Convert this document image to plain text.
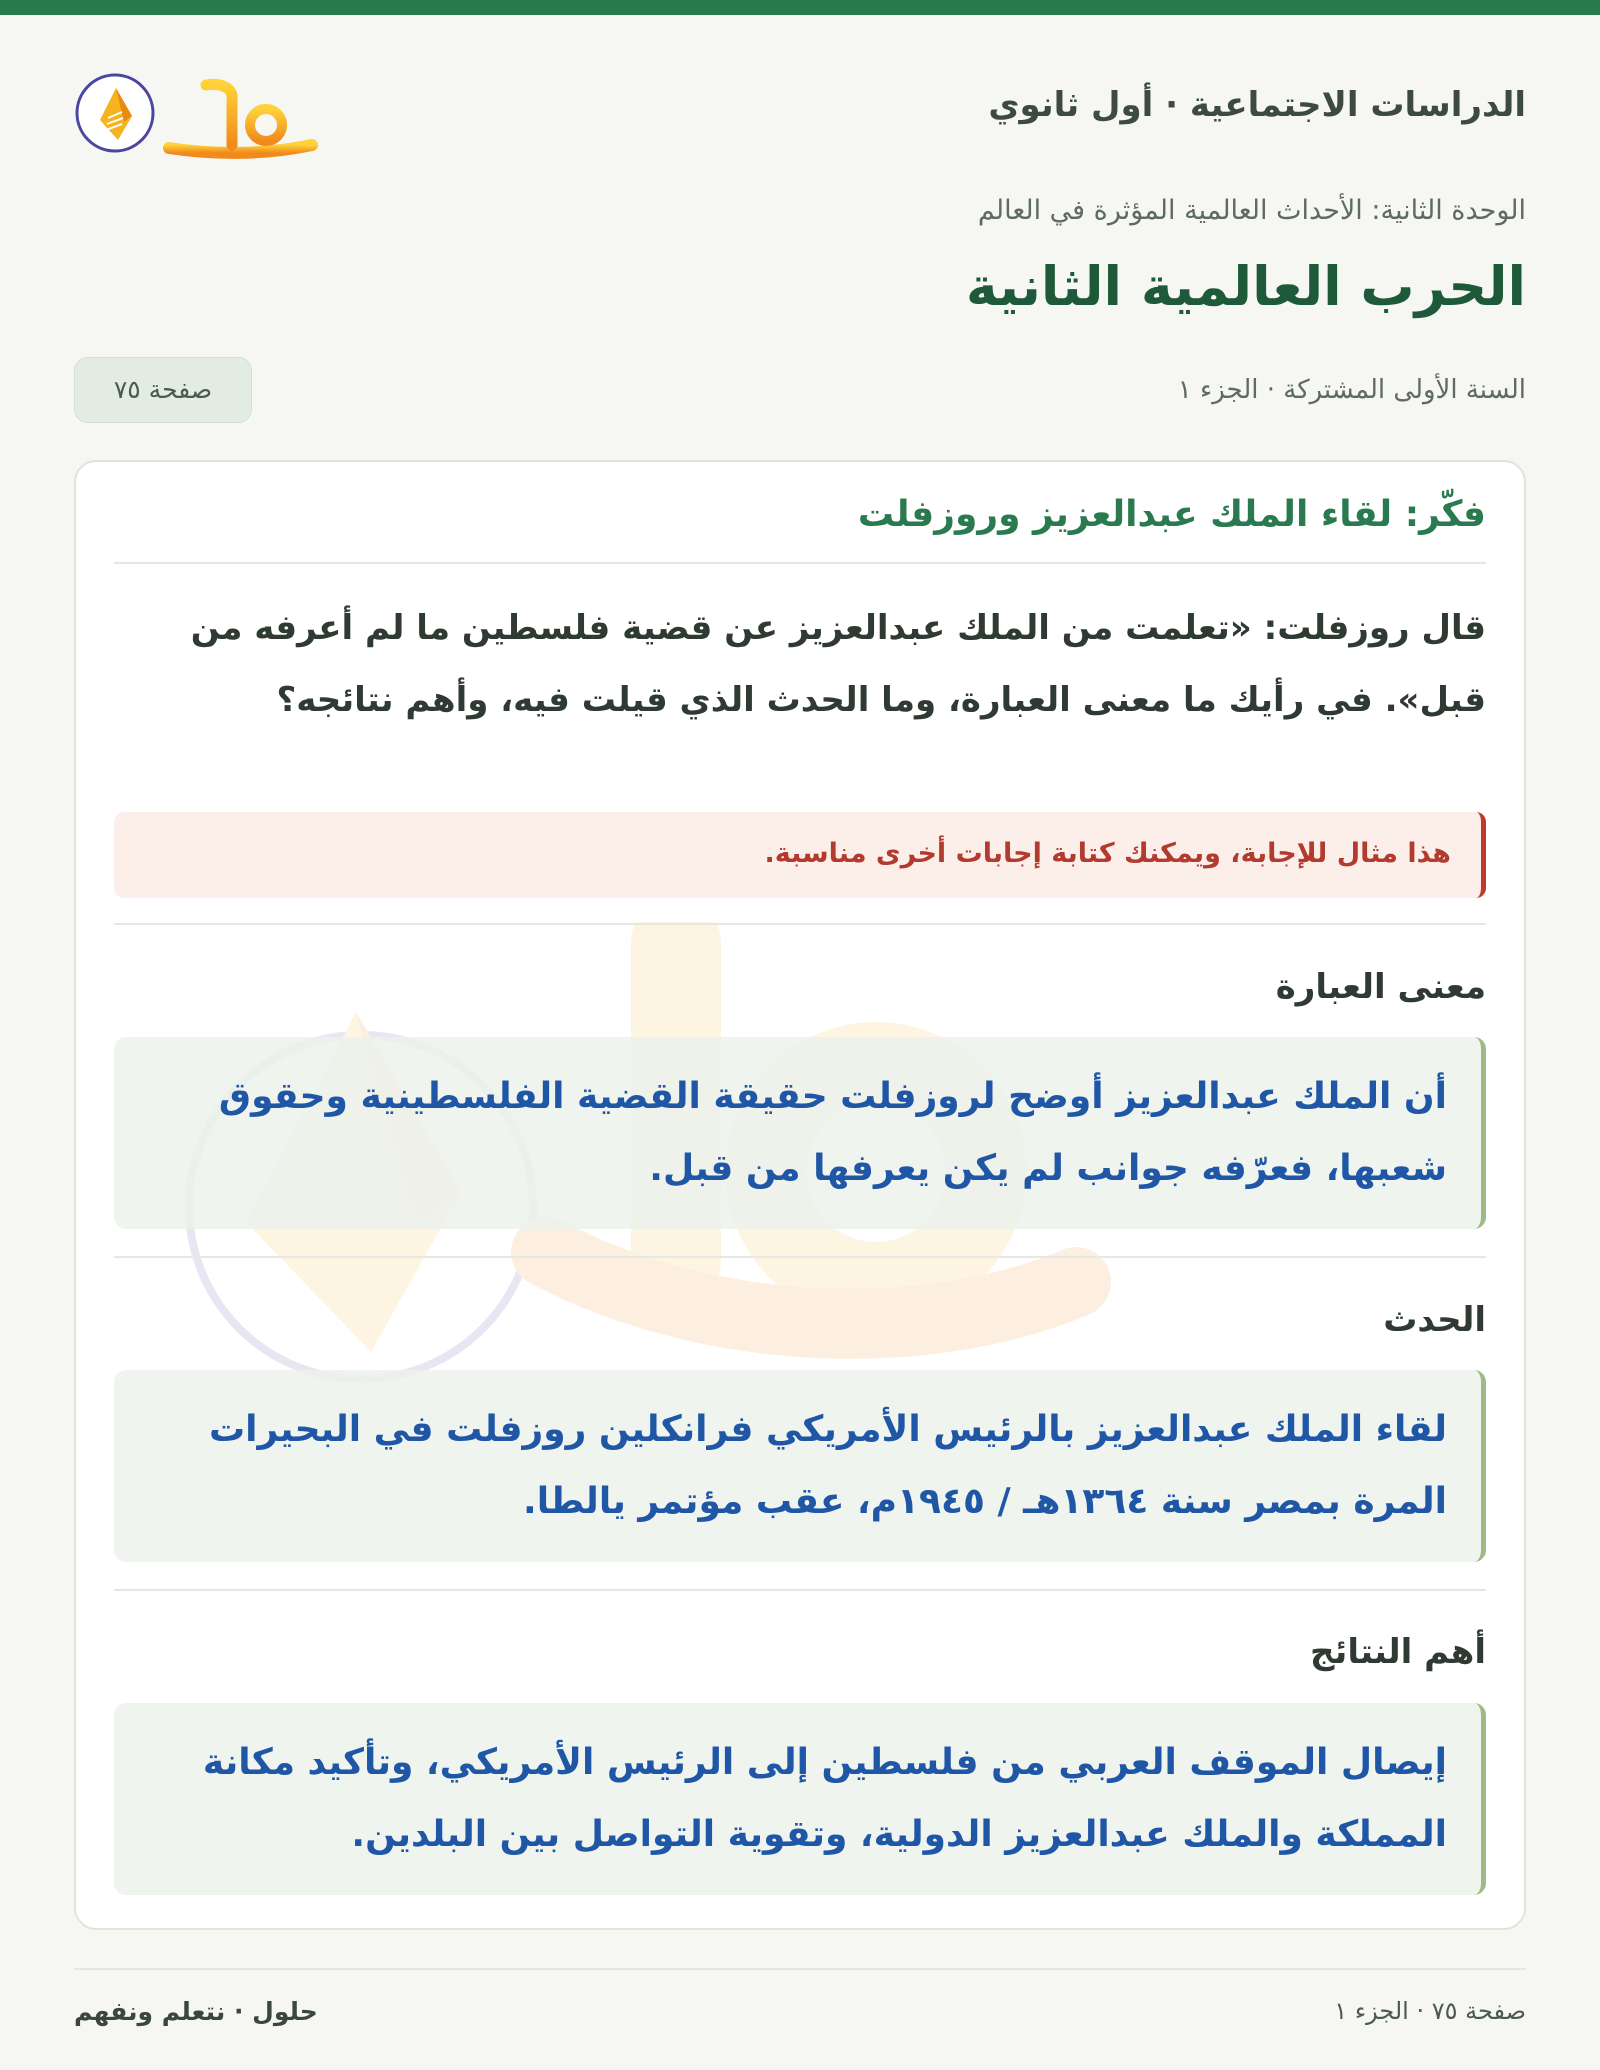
الدراسات الاجتماعية · أول ثانوي
الوحدة الثانية: الأحداث العالمية المؤثرة في العالم
الحرب العالمية الثانية
السنة الأولى المشتركة · الجزء ١
صفحة ٧٥
فكّر: لقاء الملك عبدالعزيز وروزفلت
قال روزفلت: «تعلمت من الملك عبدالعزيز عن قضية فلسطين ما لم أعرفه من قبل». في رأيك ما معنى العبارة، وما الحدث الذي قيلت فيه، وأهم نتائجه؟
هذا مثال للإجابة، ويمكنك كتابة إجابات أخرى مناسبة.
معنى العبارة
أن الملك عبدالعزيز أوضح لروزفلت حقيقة القضية الفلسطينية وحقوق شعبها، فعرّفه جوانب لم يكن يعرفها من قبل.
الحدث
لقاء الملك عبدالعزيز بالرئيس الأمريكي فرانكلين روزفلت في البحيرات المرة بمصر سنة ١٣٦٤هـ / ١٩٤٥م، عقب مؤتمر يالطا.
أهم النتائج
إيصال الموقف العربي من فلسطين إلى الرئيس الأمريكي، وتأكيد مكانة المملكة والملك عبدالعزيز الدولية، وتقوية التواصل بين البلدين.
صفحة ٧٥ · الجزء ١
حلول · نتعلم ونفهم
